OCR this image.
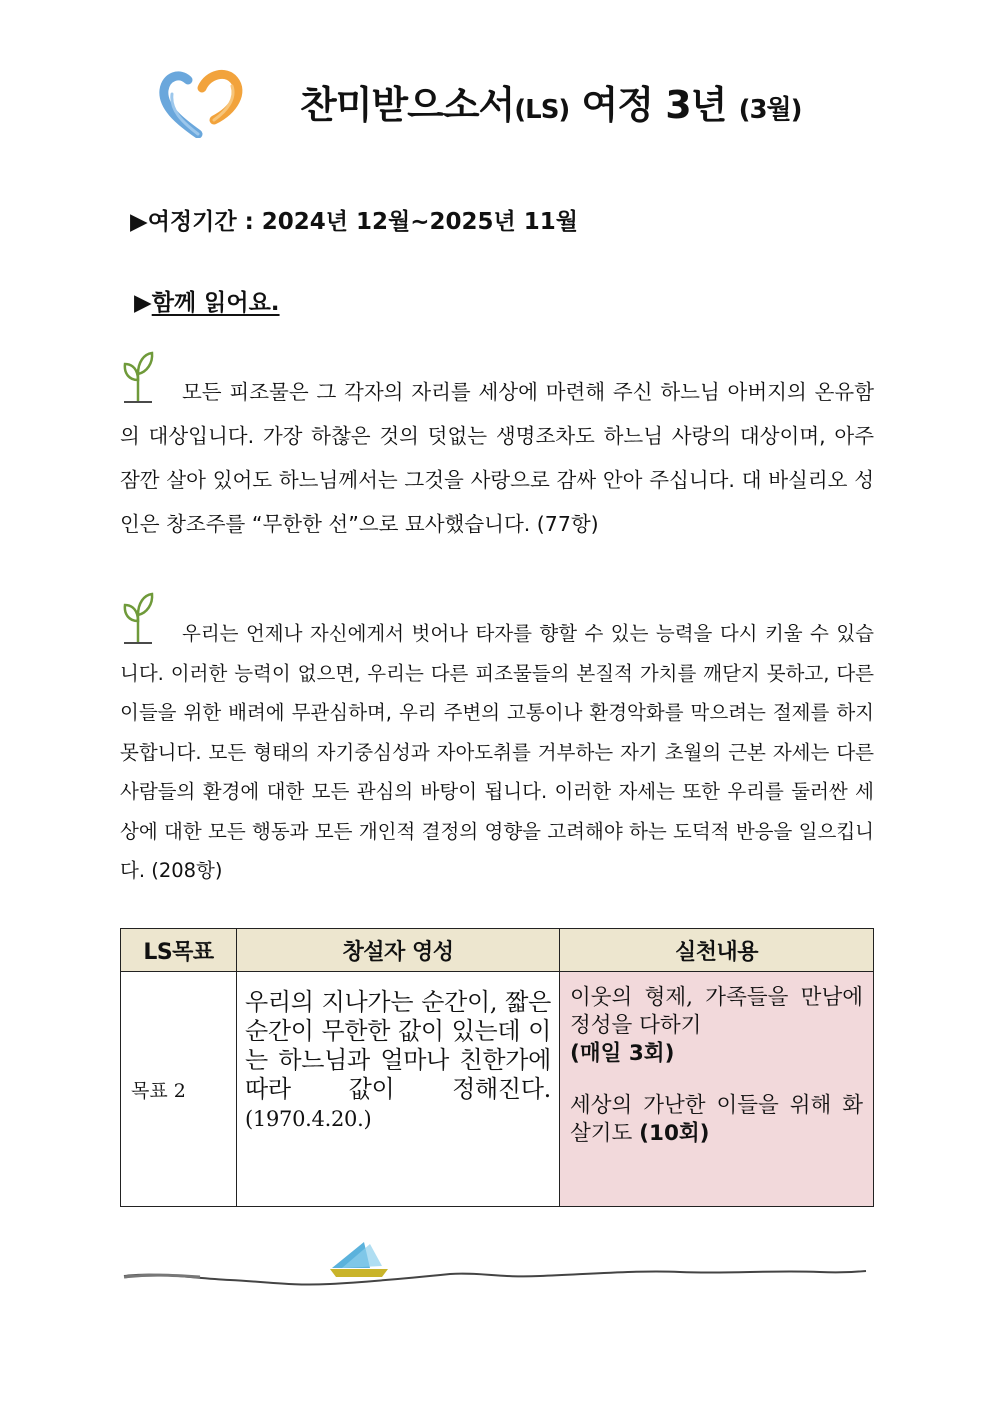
찬미받으소서(LS) 여정 3년 (3월)
▶여정기간 : 2024년 12월~2025년 11월
▶함께 읽어요.
모든 피조물은 그 각자의 자리를 세상에 마련해 주신 하느님 아버지의 온유함의 대상입니다. 가장 하찮은 것의 덧없는 생명조차도 하느님 사랑의 대상이며, 아주 잠깐 살아 있어도 하느님께서는 그것을 사랑으로 감싸 안아 주십니다. 대 바실리오 성인은 창조주를 “무한한 선”으로 묘사했습니다. (77항)
우리는 언제나 자신에게서 벗어나 타자를 향할 수 있는 능력을 다시 키울 수 있습니다. 이러한 능력이 없으면, 우리는 다른 피조물들의 본질적 가치를 깨닫지 못하고, 다른 이들을 위한 배려에 무관심하며, 우리 주변의 고통이나 환경악화를 막으려는 절제를 하지 못합니다. 모든 형태의 자기중심성과 자아도취를 거부하는 자기 초월의 근본 자세는 다른 사람들의 환경에 대한 모든 관심의 바탕이 됩니다. 이러한 자세는 또한 우리를 둘러싼 세상에 대한 모든 행동과 모든 개인적 결정의 영향을 고려해야 하는 도덕적 반응을 일으킵니다. (208항)
LS목표	창설자 영성	실천내용
목표 2	우리의 지나가는 순간이, 짧은 순간이 무한한 값이 있는데 이는 하느님과 얼마나 친한가에 따라 값이 정해진다. (1970.4.20.)	이웃의 형제, 가족들을 만남에 정성을 다하기
(매일 3회)
세상의 가난한 이들을 위해 화살기도 (10회)
